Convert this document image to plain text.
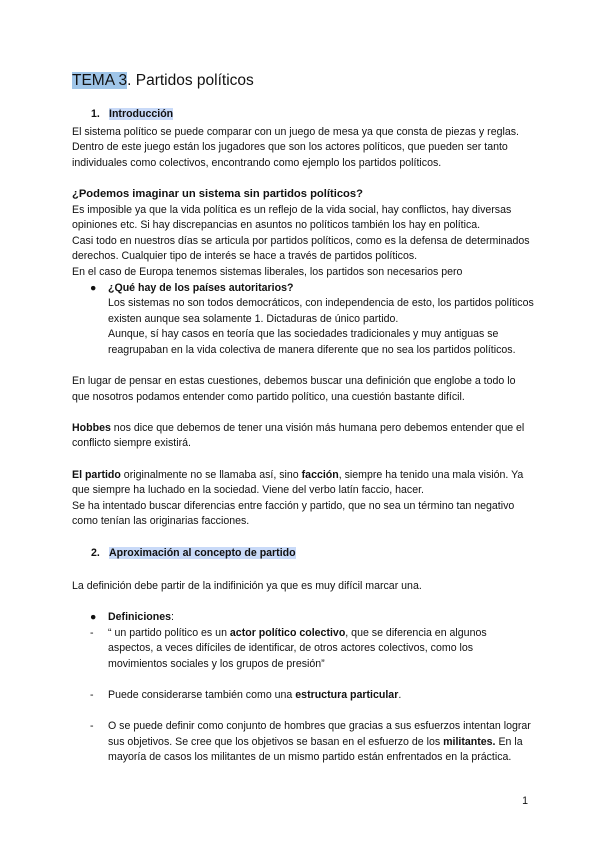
TEMA 3. Partidos políticos

1. Introducción

El sistema político se puede comparar con un juego de mesa ya que consta de piezas y reglas. Dentro de este juego están los jugadores que son los actores políticos, que pueden ser tanto individuales como colectivos, encontrando como ejemplo los partidos políticos.

¿Podemos imaginar un sistema sin partidos políticos?

Es imposible ya que la vida política es un reflejo de la vida social, hay conflictos, hay diversas opiniones etc. Si hay discrepancias en asuntos no políticos también los hay en política.

Casi todo en nuestros días se articula por partidos políticos, como es la defensa de determinados derechos. Cualquier tipo de interés se hace a través de partidos políticos.

En el caso de Europa tenemos sistemas liberales, los partidos son necesarios pero

● ¿Qué hay de los países autoritarios?

Los sistemas no son todos democráticos, con independencia de esto, los partidos políticos existen aunque sea solamente 1. Dictaduras de único partido.

Aunque, sí hay casos en teoría que las sociedades tradicionales y muy antiguas se reagrupaban en la vida colectiva de manera diferente que no sea los partidos políticos.

En lugar de pensar en estas cuestiones, debemos buscar una definición que englobe a todo lo que nosotros podamos entender como partido político, una cuestión bastante difícil.

Hobbes nos dice que debemos de tener una visión más humana pero debemos entender que el conflicto siempre existirá.

El partido originalmente no se llamaba así, sino facción, siempre ha tenido una mala visión. Ya que siempre ha luchado en la sociedad. Viene del verbo latín faccio, hacer.

Se ha intentado buscar diferencias entre facción y partido, que no sea un término tan negativo como tenían las originarias facciones.

2. Aproximación al concepto de partido

La definición debe partir de la indifinición ya que es muy difícil marcar una.

● Definiciones:

- “ un partido político es un actor político colectivo, que se diferencia en algunos aspectos, a veces difíciles de identificar, de otros actores colectivos, como los movimientos sociales y los grupos de presión”

- Puede considerarse también como una estructura particular.

- O se puede definir como conjunto de hombres que gracias a sus esfuerzos intentan lograr sus objetivos. Se cree que los objetivos se basan en el esfuerzo de los militantes. En la mayoría de casos los militantes de un mismo partido están enfrentados en la práctica.

1
